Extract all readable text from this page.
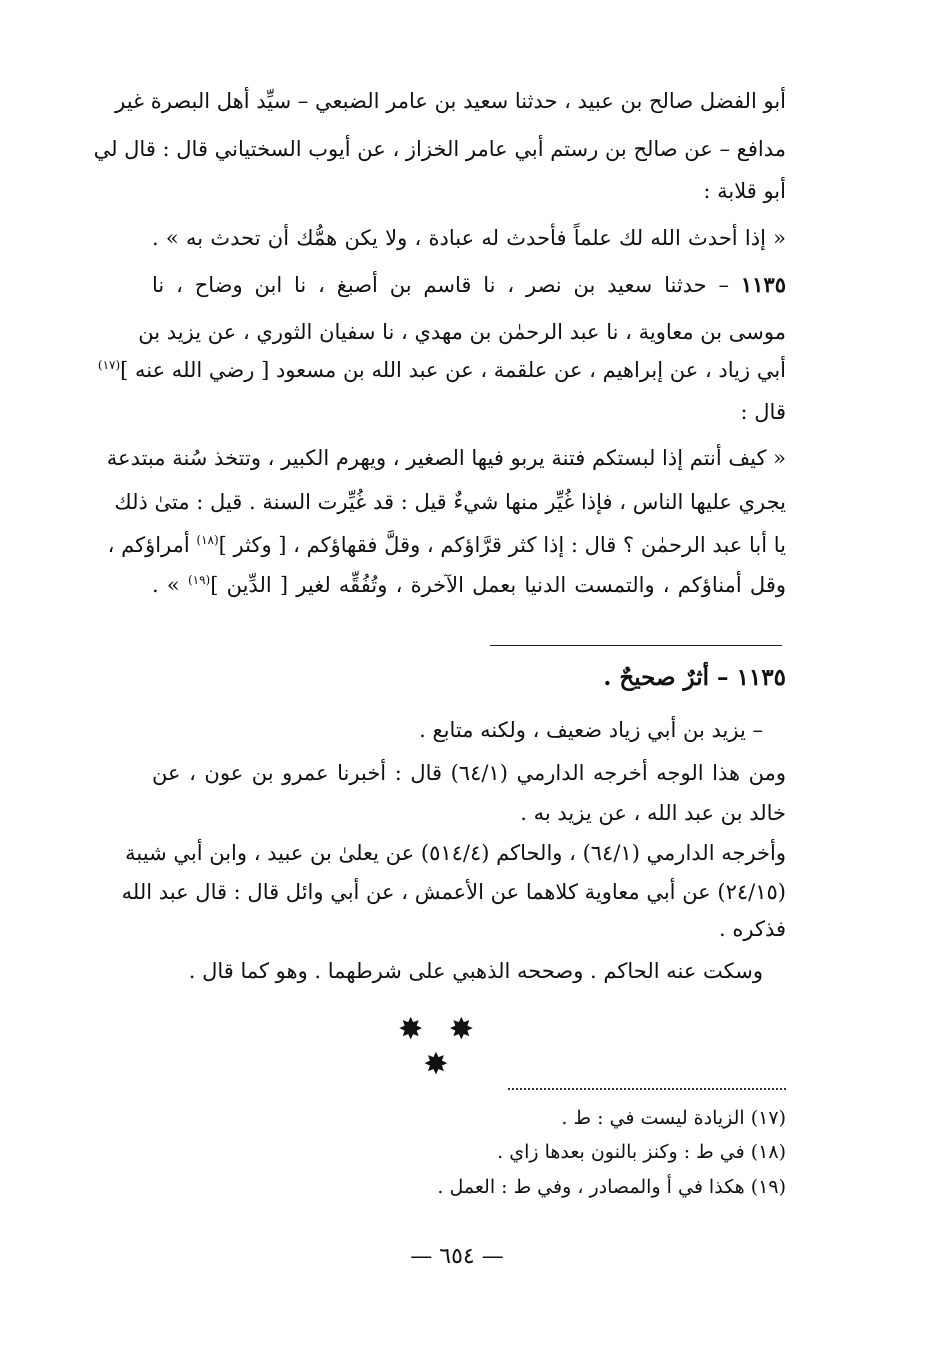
أبو الفضل صالح بن عبيد ، حدثنا سعيد بن عامر الضبعي – سيِّد أهل البصرة غير
مدافع – عن صالح بن رستم أبي عامر الخزاز ، عن أيوب السختياني قال : قال لي
أبو قلابة :
« إذا أحدث الله لك علماً فأحدث له عبادة ، ولا يكن همُّك أن تحدث به » .
١١٣٥ – حدثنا سعيد بن نصر ، نا قاسم بن أصبغ ، نا ابن وضاح ، نا
موسى بن معاوية ، نا عبد الرحمٰن بن مهدي ، نا سفيان الثوري ، عن يزيد بن
أبي زياد ، عن إبراهيم ، عن علقمة ، عن عبد الله بن مسعود [ رضي الله عنه ]$^{(١٧)}$
قال :
« كيف أنتم إذا لبستكم فتنة يربو فيها الصغير ، ويهرم الكبير ، وتتخذ سُنة مبتدعة
يجري عليها الناس ، فإذا غُيِّر منها شيءٌ قيل : قد غُيِّرت السنة . قيل : متىٰ ذلك
يا أبا عبد الرحمٰن ؟ قال : إذا كثر قرَّاؤكم ، وقلَّ فقهاؤكم ، [ وكثر ]$^{(١٨)}$ أمراؤكم ،
وقل أمناؤكم ، والتمست الدنيا بعمل الآخرة ، وتُفُقِّه لغير [ الدِّين ]$^{(١٩)}$ » .
١١٣٥ – أثرٌ صحيحٌ .
– يزيد بن أبي زياد ضعيف ، ولكنه متابع .
ومن هذا الوجه أخرجه الدارمي (٦٤/١) قال : أخبرنا عمرو بن عون ، عن
خالد بن عبد الله ، عن يزيد به .
وأخرجه الدارمي (٦٤/١) ، والحاكم (٥١٤/٤) عن يعلىٰ بن عبيد ، وابن أبي شيبة
(٢٤/١٥) عن أبي معاوية كلاهما عن الأعمش ، عن أبي وائل قال : قال عبد الله
فذكره .
وسكت عنه الحاكم . وصححه الذهبي على شرطهما . وهو كما قال .
✸ ✸ ✸
(١٧) الزيادة ليست في : ط .
(١٨) في ط : وكنز بالنون بعدها زاي .
(١٩) هكذا في أ والمصادر ، وفي ط : العمل .
— ٦٥٤ —
